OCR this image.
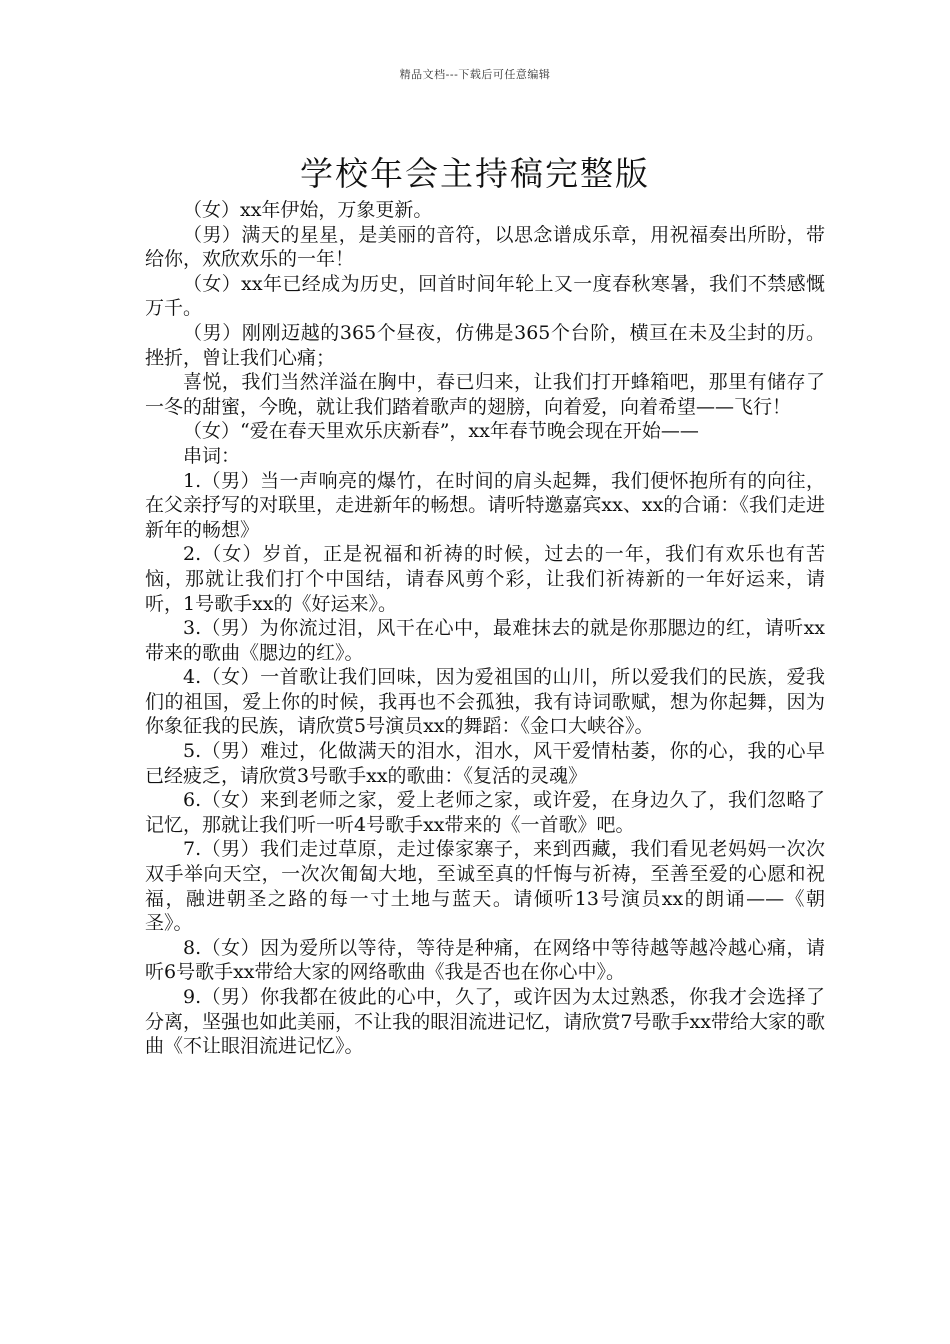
精品文档---下载后可任意编辑
学校年会主持稿完整版

（女）xx年伊始，万象更新。

（男）满天的星星，是美丽的音符，以思念谱成乐章，用祝福奏出所盼，带给你，欢欣欢乐的一年！

（女）xx年已经成为历史，回首时间年轮上又一度春秋寒暑，我们不禁感慨万千。

（男）刚刚迈越的365个昼夜，仿佛是365个台阶，横亘在未及尘封的历。挫折，曾让我们心痛；

喜悦，我们当然洋溢在胸中，春已归来，让我们打开蜂箱吧，那里有储存了一冬的甜蜜，今晚，就让我们踏着歌声的翅膀，向着爱，向着希望——飞行！

（女）“爱在春天里欢乐庆新春”，xx年春节晚会现在开始——

串词：

1.（男）当一声响亮的爆竹，在时间的肩头起舞，我们便怀抱所有的向往，在父亲抒写的对联里，走进新年的畅想。请听特邀嘉宾xx、xx的合诵：《我们走进新年的畅想》

2.（女）岁首，正是祝福和祈祷的时候，过去的一年，我们有欢乐也有苦恼，那就让我们打个中国结，请春风剪个彩，让我们祈祷新的一年好运来，请听，1号歌手xx的《好运来》。

3.（男）为你流过泪，风干在心中，最难抹去的就是你那腮边的红，请听xx带来的歌曲《腮边的红》。

4.（女）一首歌让我们回味，因为爱祖国的山川，所以爱我们的民族，爱我们的祖国，爱上你的时候，我再也不会孤独，我有诗词歌赋，想为你起舞，因为你象征我的民族，请欣赏5号演员xx的舞蹈：《金口大峡谷》。

5.（男）难过，化做满天的泪水，泪水，风干爱情枯萎，你的心，我的心早已经疲乏，请欣赏3号歌手xx的歌曲：《复活的灵魂》

6.（女）来到老师之家，爱上老师之家，或许爱，在身边久了，我们忽略了记忆，那就让我们听一听4号歌手xx带来的《一首歌》吧。

7.（男）我们走过草原，走过傣家寨子，来到西藏，我们看见老妈妈一次次双手举向天空，一次次匍匐大地，至诚至真的忏悔与祈祷，至善至爱的心愿和祝福，融进朝圣之路的每一寸土地与蓝天。请倾听13号演员xx的朗诵——《朝圣》。

8.（女）因为爱所以等待，等待是种痛，在网络中等待越等越冷越心痛，请听6号歌手xx带给大家的网络歌曲《我是否也在你心中》。

9.（男）你我都在彼此的心中，久了，或许因为太过熟悉，你我才会选择了分离，坚强也如此美丽，不让我的眼泪流进记忆，请欣赏7号歌手xx带给大家的歌曲《不让眼泪流进记忆》。
